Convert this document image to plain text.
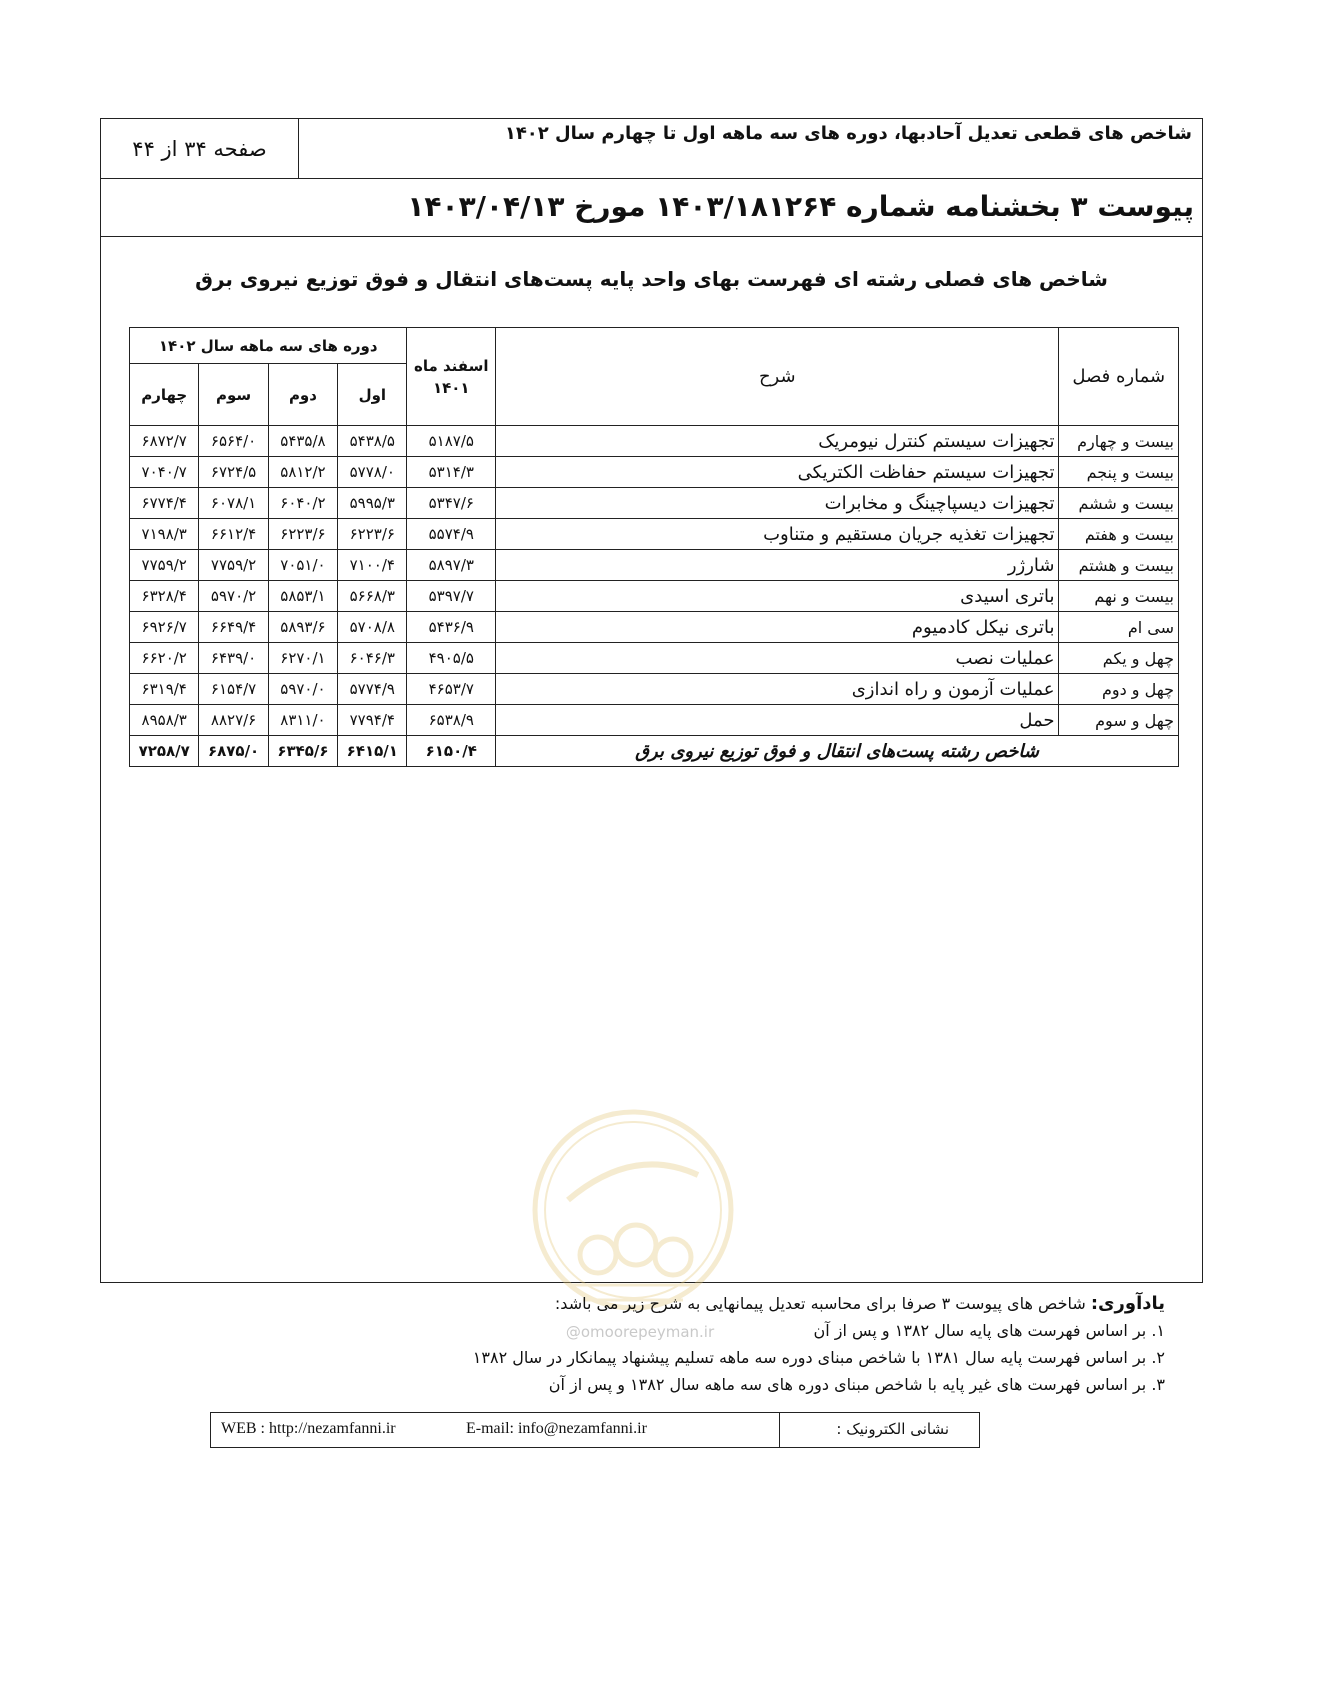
شاخص های قطعی تعدیل آحادبها، دوره های سه ماهه اول تا چهارم سال ۱۴۰۲
صفحه ۳۴ از ۴۴
پیوست ۳ بخشنامه شماره ۱۴۰۳/۱۸۱۲۶۴ مورخ ۱۴۰۳/۰۴/۱۳
شاخص های فصلی رشته ای فهرست بهای واحد پایه پست‌های انتقال و فوق توزیع نیروی برق
شماره فصل	شرح	اسفند ماه
۱۴۰۱	دوره های سه ماهه سال ۱۴۰۲			
			اول	دوم	سوم	چهارم
بیست و چهارم	تجهیزات سیستم کنترل نیومریک	۵۱۸۷/۵	۵۴۳۸/۵	۵۴۳۵/۸	۶۵۶۴/۰	۶۸۷۲/۷
بیست و پنجم	تجهیزات سیستم حفاظت الکتریکی	۵۳۱۴/۳	۵۷۷۸/۰	۵۸۱۲/۲	۶۷۲۴/۵	۷۰۴۰/۷
بیست و ششم	تجهیزات دیسپاچینگ و مخابرات	۵۳۴۷/۶	۵۹۹۵/۳	۶۰۴۰/۲	۶۰۷۸/۱	۶۷۷۴/۴
بیست و هفتم	تجهیزات تغذیه جریان مستقیم و متناوب	۵۵۷۴/۹	۶۲۲۳/۶	۶۲۲۳/۶	۶۶۱۲/۴	۷۱۹۸/۳
بیست و هشتم	شارژر	۵۸۹۷/۳	۷۱۰۰/۴	۷۰۵۱/۰	۷۷۵۹/۲	۷۷۵۹/۲
بیست و نهم	باتری اسیدی	۵۳۹۷/۷	۵۶۶۸/۳	۵۸۵۳/۱	۵۹۷۰/۲	۶۳۲۸/۴
سی ام	باتری نیکل کادمیوم	۵۴۳۶/۹	۵۷۰۸/۸	۵۸۹۳/۶	۶۶۴۹/۴	۶۹۲۶/۷
چهل و یکم	عملیات نصب	۴۹۰۵/۵	۶۰۴۶/۳	۶۲۷۰/۱	۶۴۳۹/۰	۶۶۲۰/۲
چهل و دوم	عملیات آزمون و راه اندازی	۴۶۵۳/۷	۵۷۷۴/۹	۵۹۷۰/۰	۶۱۵۴/۷	۶۳۱۹/۴
چهل و سوم	حمل	۶۵۳۸/۹	۷۷۹۴/۴	۸۳۱۱/۰	۸۸۲۷/۶	۸۹۵۸/۳
شاخص رشته پست‌های انتقال و فوق توزیع نیروی برق		۶۱۵۰/۴	۶۴۱۵/۱	۶۳۴۵/۶	۶۸۷۵/۰	۷۲۵۸/۷
@omoorepeyman.ir
یادآوری: شاخص های پیوست ۳ صرفا برای محاسبه تعدیل پیمانهایی به شرح زیر می باشد:
۱. بر اساس فهرست های پایه سال ۱۳۸۲ و پس از آن
۲. بر اساس فهرست پایه سال ۱۳۸۱ با شاخص مبنای دوره سه ماهه تسلیم پیشنهاد پیمانکار در سال ۱۳۸۲
۳. بر اساس فهرست های غیر پایه با شاخص مبنای دوره های سه ماهه سال ۱۳۸۲ و پس از آن
نشانی الکترونیک :
WEB : http://nezamfanni.ir	E-mail: info@nezamfanni.ir
